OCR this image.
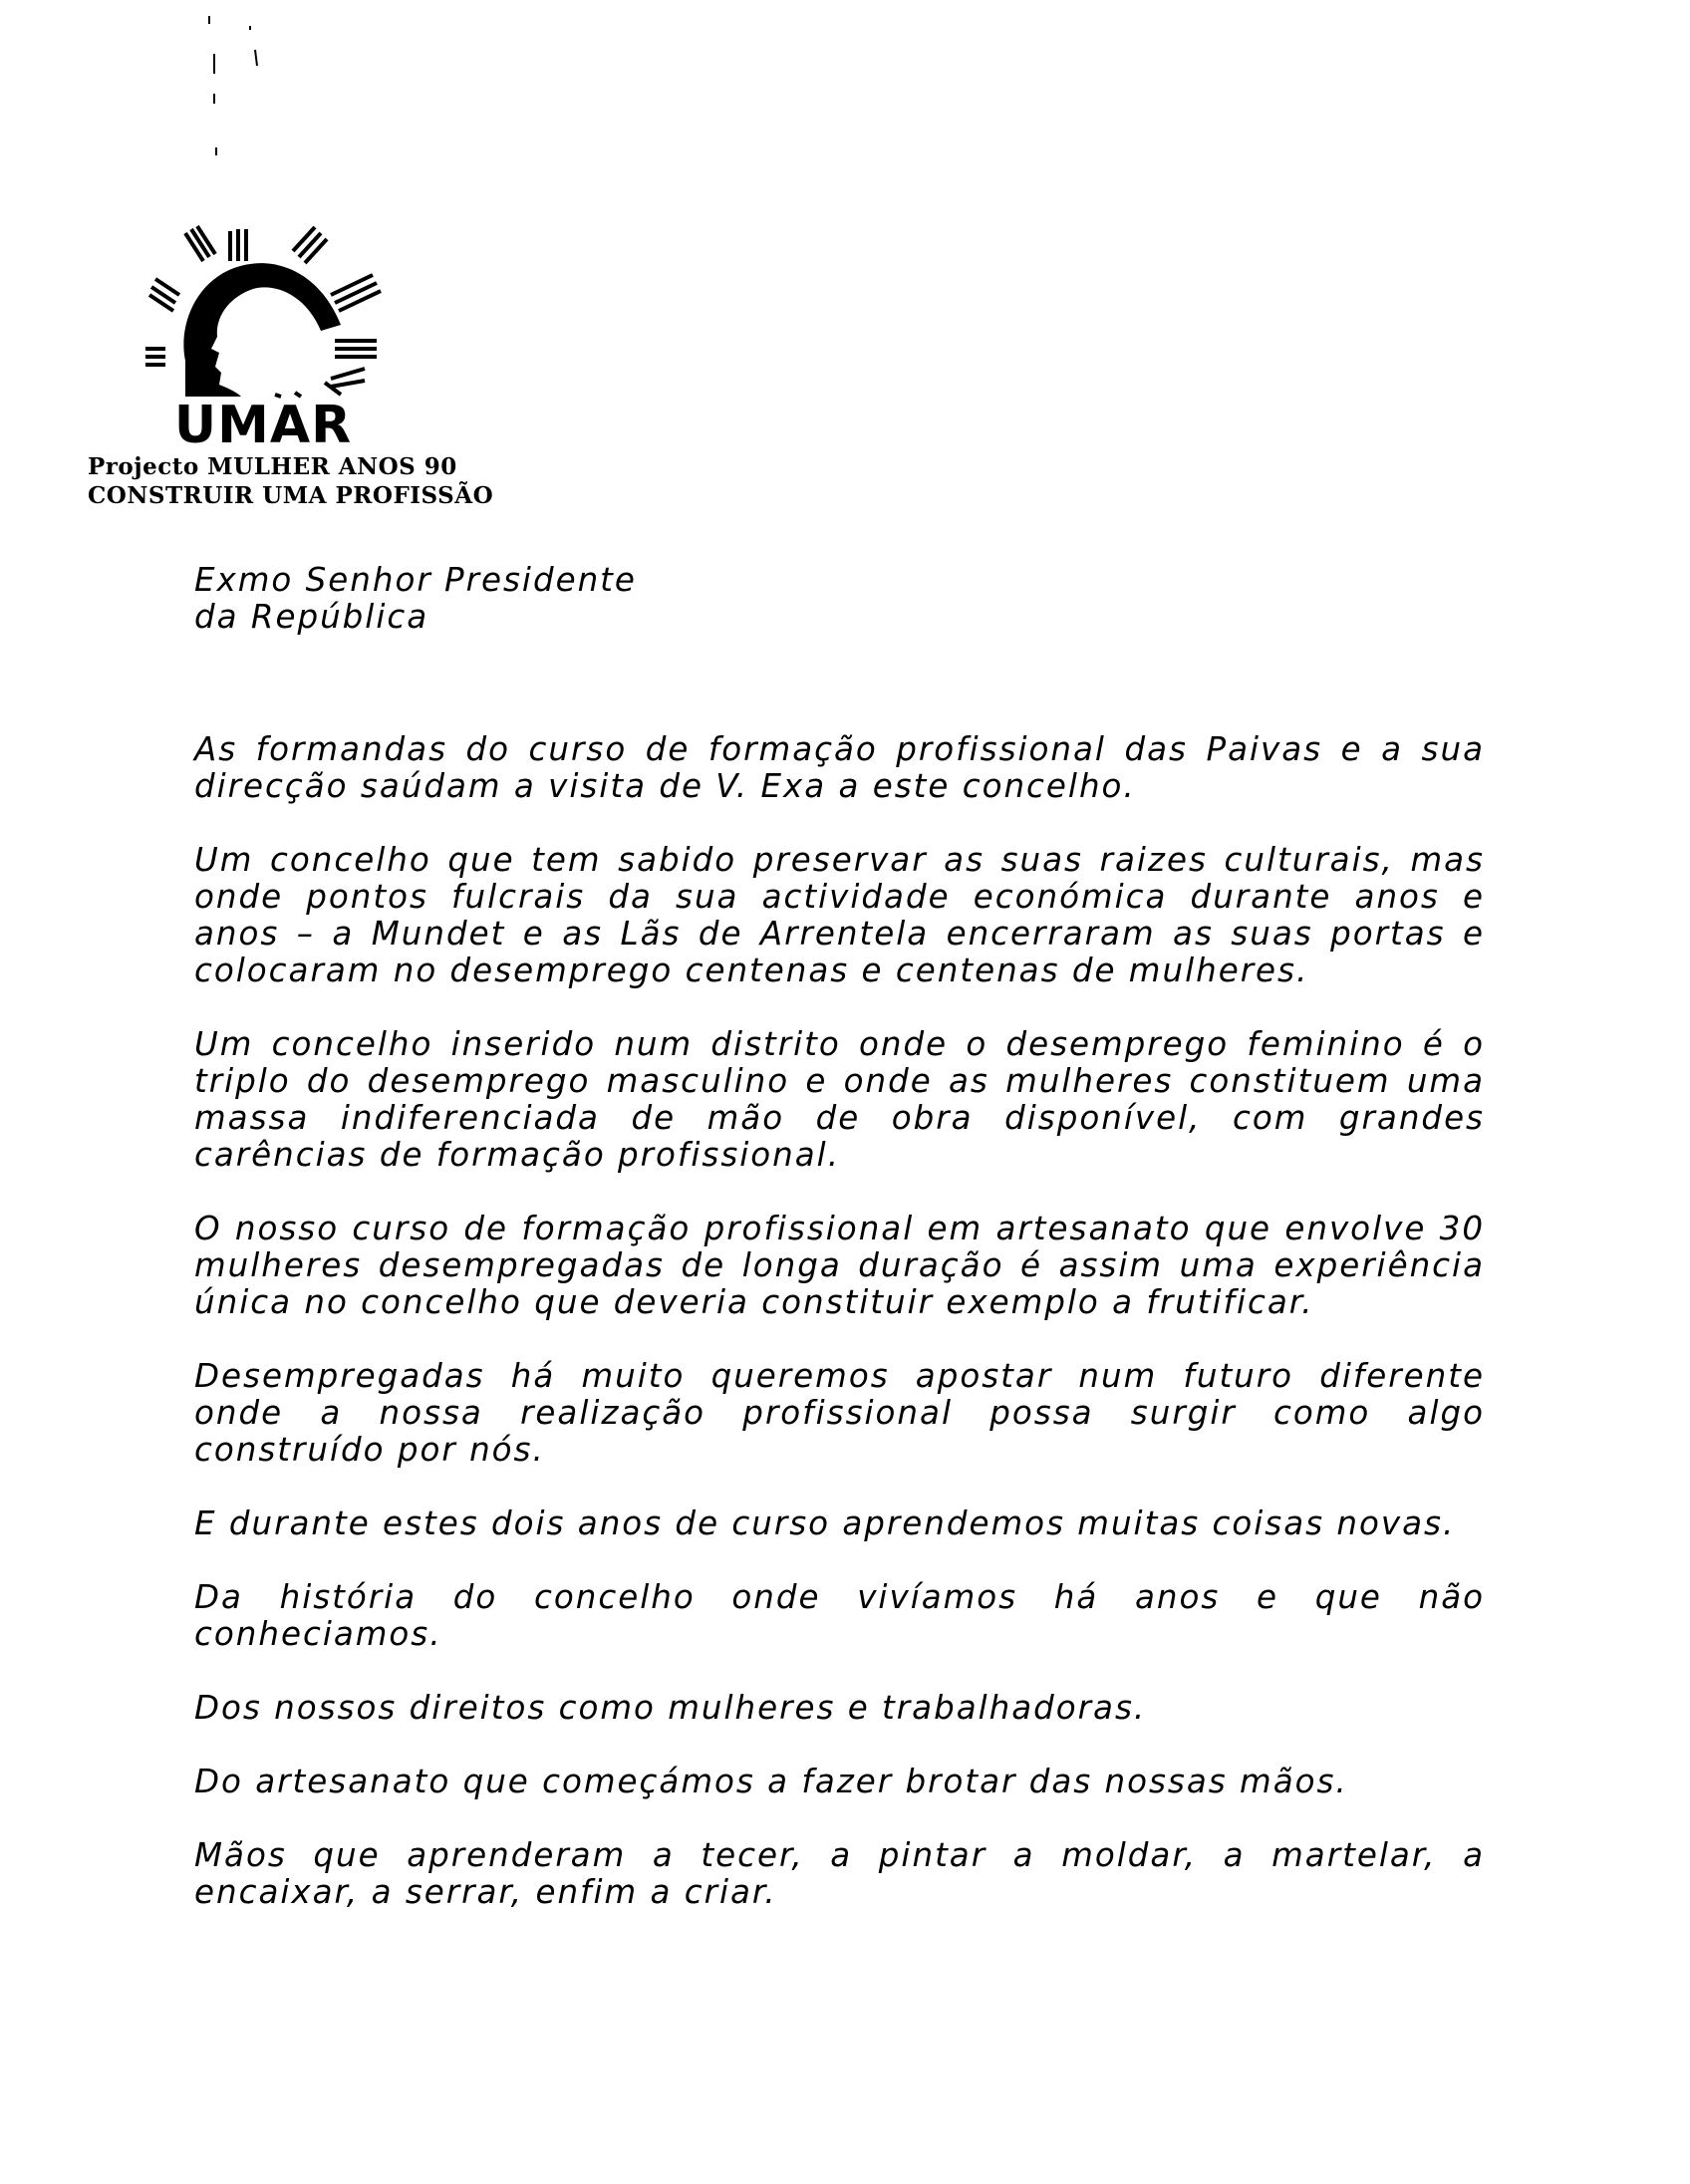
UMAR
Projecto MULHER ANOS 90
CONSTRUIR UMA PROFISSÃO
Exmo Senhor Presidente
da República

As formandas do curso de formação profissional das Paivas e a sua direcção saúdam a visita de V. Exa a este concelho.

Um concelho que tem sabido preservar as suas raizes culturais, mas onde pontos fulcrais da sua actividade económica durante anos e anos – a Mundet e as Lãs de Arrentela encerraram as suas portas e colocaram no desemprego centenas e centenas de mulheres.

Um concelho inserido num distrito onde o desemprego feminino é o triplo do desemprego masculino e onde as mulheres constituem uma massa indiferenciada de mão de obra disponível, com grandes carências de formação profissional.

O nosso curso de formação profissional em artesanato que envolve 30 mulheres desempregadas de longa duração é assim uma experiência única no concelho que deveria constituir exemplo a frutificar.

Desempregadas há muito queremos apostar num futuro diferente onde a nossa realização profissional possa surgir como algo construído por nós.

E durante estes dois anos de curso aprendemos muitas coisas novas.

Da história do concelho onde vivíamos há anos e que não conheciamos.

Dos nossos direitos como mulheres e trabalhadoras.

Do artesanato que começámos a fazer brotar das nossas mãos.

Mãos que aprenderam a tecer, a pintar a moldar, a martelar, a encaixar, a serrar, enfim a criar.
